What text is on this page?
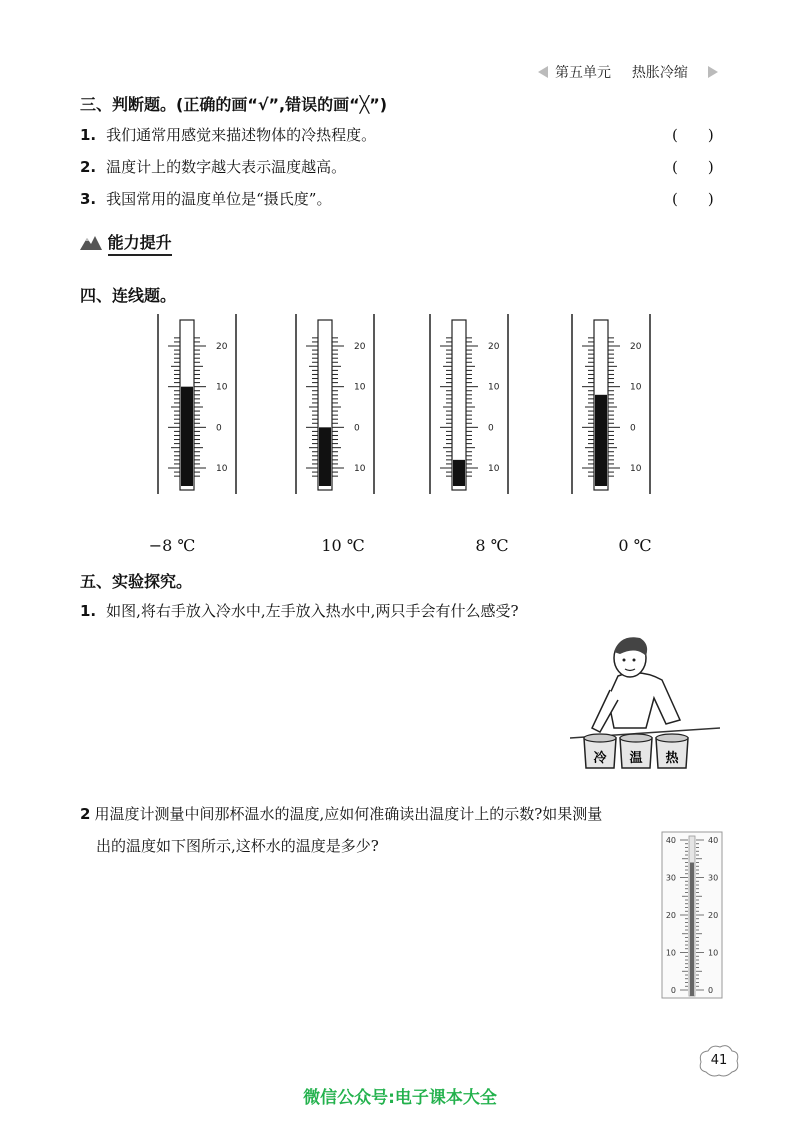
第五单元 热胀冷缩
三、判断题。(正确的画“√”,错误的画“╳”)
1. 我们通常用感觉来描述物体的冷热程度。	(　　)
2. 温度计上的数字越大表示温度越高。	(　　)
3. 我国常用的温度单位是“摄氏度”。	(　　)
能力提升
四、连线题。
20
10
0
10
20
10
0
10
20
10
0
10
20
10
0
10
−8 ℃	10 ℃	8 ℃	0 ℃
五、实验探究。
1. 如图,将右手放入冷水中,左手放入热水中,两只手会有什么感受?
冷 温 热
2 用温度计测量中间那杯温水的温度,应如何准确读出温度计上的示数?如果测量
出的温度如下图所示,这杯水的温度是多少?	40	40
30	30
20	20
10	10
0	0
41
微信公众号:电子课本大全
